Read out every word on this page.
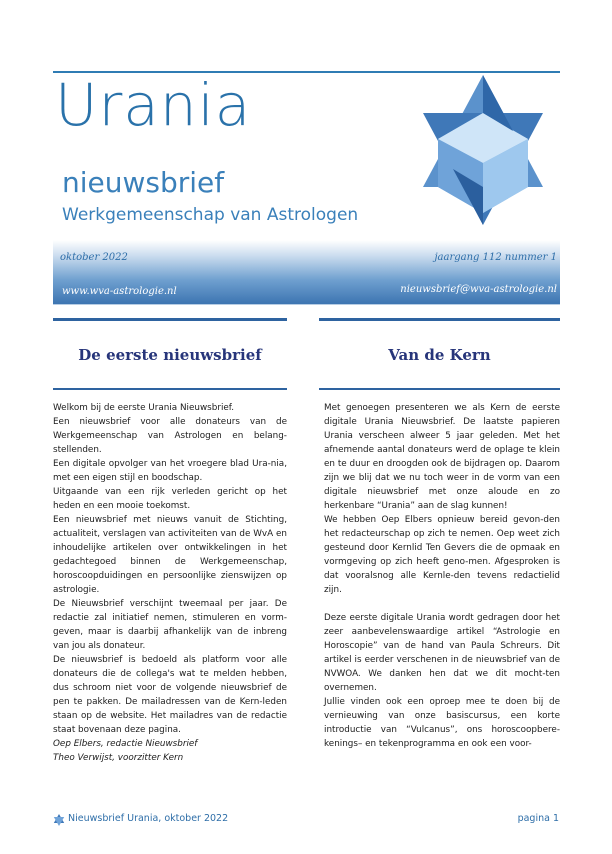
Urania
nieuwsbrief
Werkgemeenschap van Astrologen
oktober 2022	jaargang 112 nummer 1
www.wva-astrologie.nl	nieuwsbrief@wva-astrologie.nl
De eerste nieuwsbrief	Van de Kern

Welkom bij de eerste Urania Nieuwsbrief.

Een nieuwsbrief voor alle donateurs van de Werkgemeenschap van Astrologen en belang-stellenden.

Een digitale opvolger van het vroegere blad Ura-nia, met een eigen stijl en boodschap.

Uitgaande van een rijk verleden gericht op het heden en een mooie toekomst.

Een nieuwsbrief met nieuws vanuit de Stichting, actualiteit, verslagen van activiteiten van de WvA en inhoudelijke artikelen over ontwikkelingen in het gedachtegoed binnen de Werkgemeenschap, horoscoopduidingen en persoonlijke zienswijzen op astrologie.

De Nieuwsbrief verschijnt tweemaal per jaar. De redactie zal initiatief nemen, stimuleren en vorm-geven, maar is daarbij afhankelijk van de inbreng van jou als donateur.

De nieuwsbrief is bedoeld als platform voor alle donateurs die de collega's wat te melden hebben, dus schroom niet voor de volgende nieuwsbrief de pen te pakken. De mailadressen van de Kern-leden staan op de website. Het mailadres van de redactie staat bovenaan deze pagina.

Oep Elbers, redactie Nieuwsbrief

Theo Verwijst, voorzitter Kern

Met genoegen presenteren we als Kern de eerste digitale Urania Nieuwsbrief. De laatste papieren Urania verscheen alweer 5 jaar geleden. Met het afnemende aantal donateurs werd de oplage te klein en te duur en droogden ook de bijdragen op. Daarom zijn we blij dat we nu toch weer in de vorm van een digitale nieuwsbrief met onze aloude en zo herkenbare “Urania” aan de slag kunnen!

We hebben Oep Elbers opnieuw bereid gevon-den het redacteurschap op zich te nemen. Oep weet zich gesteund door Kernlid Ten Gevers die de opmaak en vormgeving op zich heeft geno-men. Afgesproken is dat vooralsnog alle Kernle-den tevens redactielid zijn.

Deze eerste digitale Urania wordt gedragen door het zeer aanbevelenswaardige artikel “Astrologie en Horoscopie” van de hand van Paula Schreurs. Dit artikel is eerder verschenen in de nieuwsbrief van de NVWOA. We danken hen dat we dit mocht-ten overnemen.

Jullie vinden ook een oproep mee te doen bij de vernieuwing van onze basiscursus, een korte introductie van “Vulcanus”, ons horoscoopbere-kenings– en tekenprogramma en ook een voor-

Nieuwsbrief Urania, oktober 2022	pagina 1
